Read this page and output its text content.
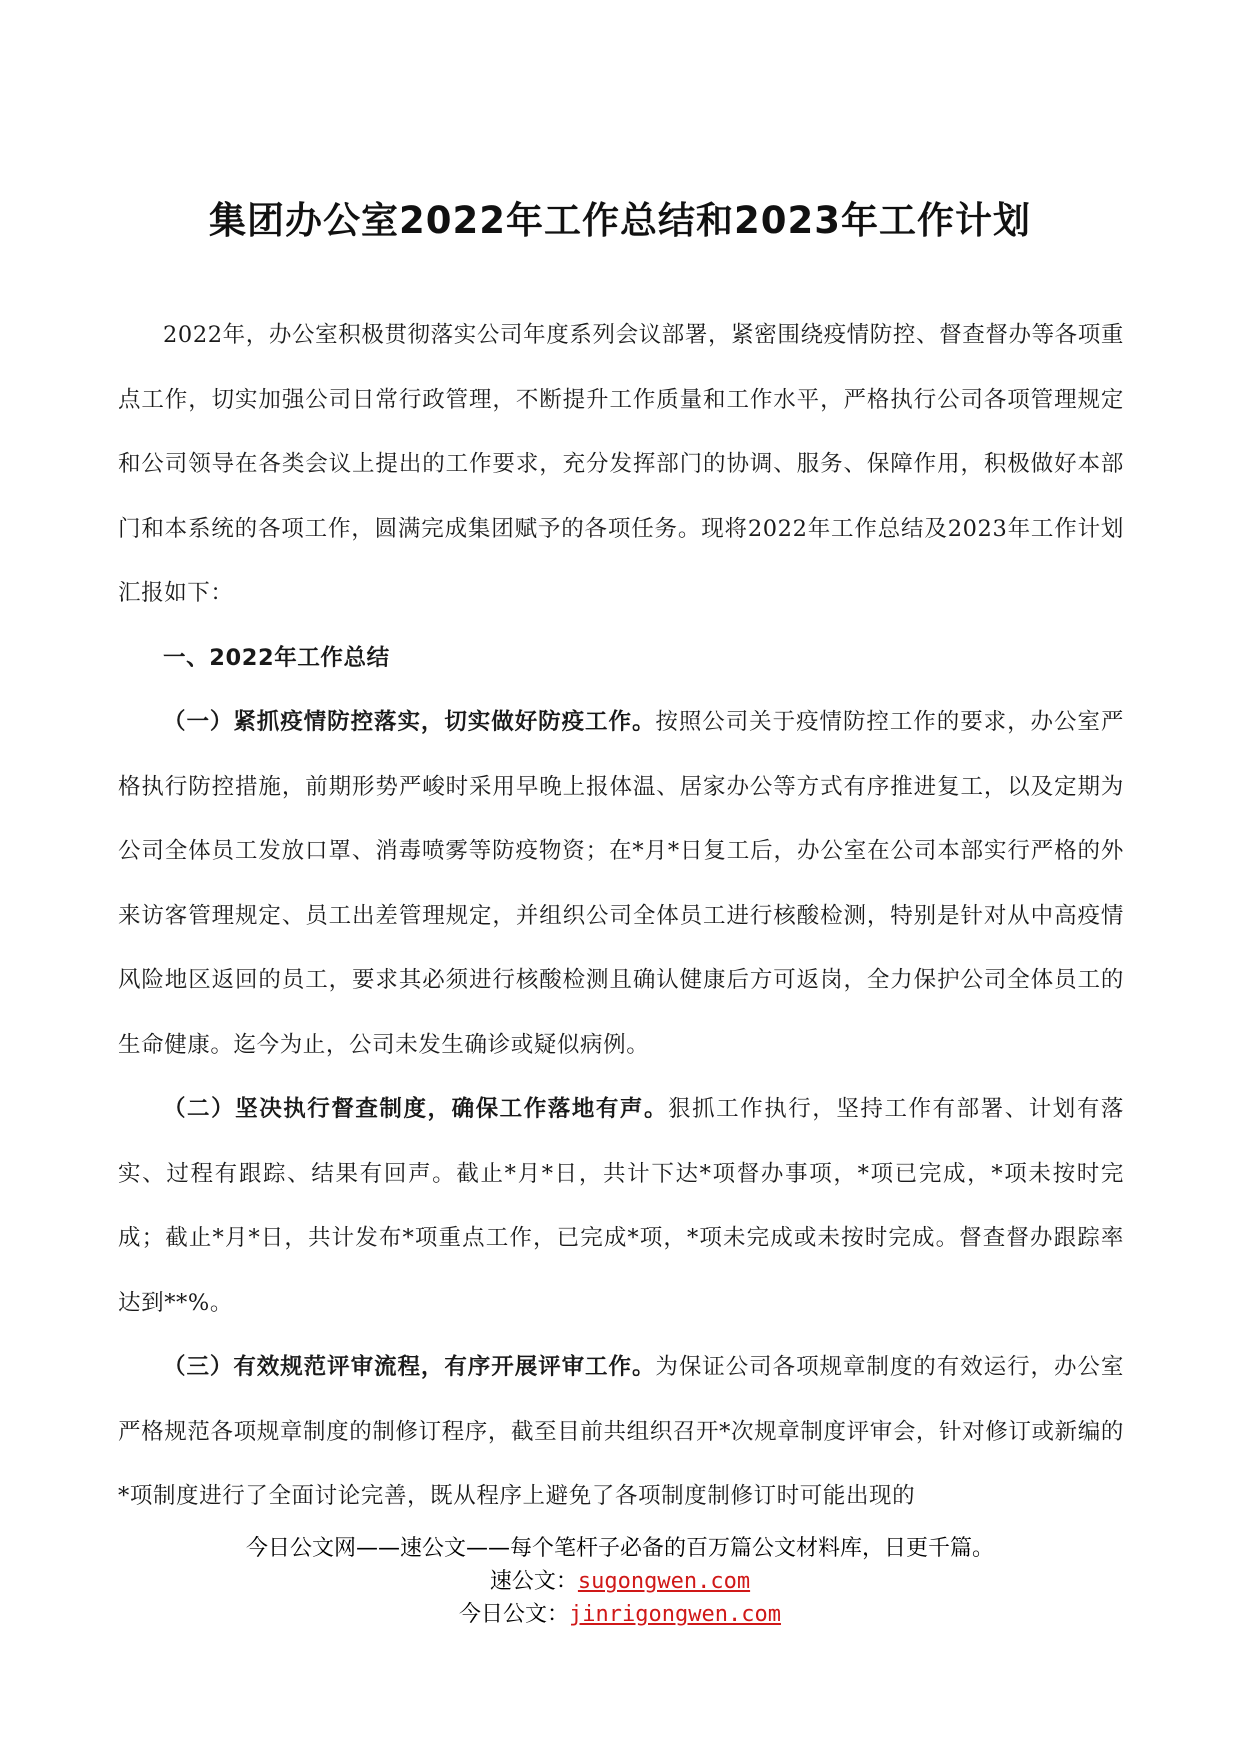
集团办公室2022年工作总结和2023年工作计划

2022年，办公室积极贯彻落实公司年度系列会议部署，紧密围绕疫情防控、督查督办等各项重点工作，切实加强公司日常行政管理，不断提升工作质量和工作水平，严格执行公司各项管理规定和公司领导在各类会议上提出的工作要求，充分发挥部门的协调、服务、保障作用，积极做好本部门和本系统的各项工作，圆满完成集团赋予的各项任务。现将2022年工作总结及2023年工作计划汇报如下：

一、2022年工作总结

（一）紧抓疫情防控落实，切实做好防疫工作。按照公司关于疫情防控工作的要求，办公室严格执行防控措施，前期形势严峻时采用早晚上报体温、居家办公等方式有序推进复工，以及定期为公司全体员工发放口罩、消毒喷雾等防疫物资；在*月*日复工后，办公室在公司本部实行严格的外来访客管理规定、员工出差管理规定，并组织公司全体员工进行核酸检测，特别是针对从中高疫情风险地区返回的员工，要求其必须进行核酸检测且确认健康后方可返岗，全力保护公司全体员工的生命健康。迄今为止，公司未发生确诊或疑似病例。

（二）坚决执行督查制度，确保工作落地有声。狠抓工作执行，坚持工作有部署、计划有落实、过程有跟踪、结果有回声。截止*月*日，共计下达*项督办事项，*项已完成，*项未按时完成；截止*月*日，共计发布*项重点工作，已完成*项，*项未完成或未按时完成。督查督办跟踪率达到**%。

（三）有效规范评审流程，有序开展评审工作。为保证公司各项规章制度的有效运行，办公室严格规范各项规章制度的制修订程序，截至目前共组织召开*次规章制度评审会，针对修订或新编的*项制度进行了全面讨论完善，既从程序上避免了各项制度制修订时可能出现的

今日公文网——速公文——每个笔杆子必备的百万篇公文材料库，日更千篇。
速公文：sugongwen.com
今日公文：jinrigongwen.com
